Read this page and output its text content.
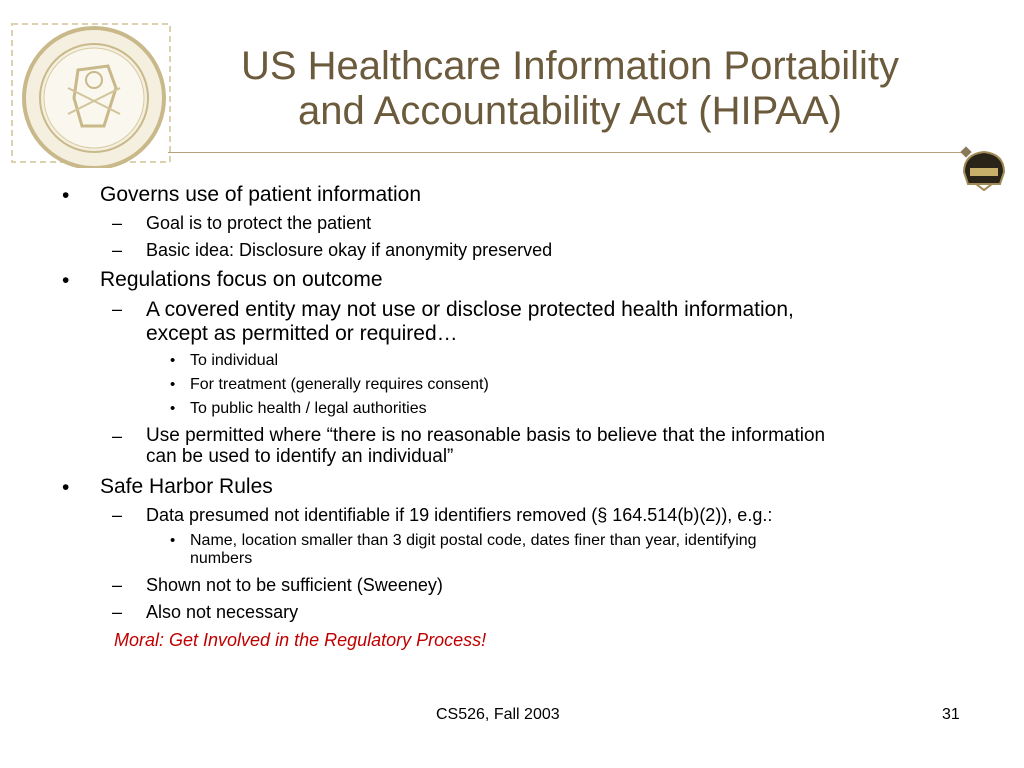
US Healthcare Information Portability
and Accountability Act (HIPAA)
• Governs use of patient information
– Goal is to protect the patient
– Basic idea: Disclosure okay if anonymity preserved
• Regulations focus on outcome
– A covered entity may not use or disclose protected health information,
except as permitted or required…
• To individual
• For treatment (generally requires consent)
• To public health / legal authorities
– Use permitted where “there is no reasonable basis to believe that the information
can be used to identify an individual”
• Safe Harbor Rules
– Data presumed not identifiable if 19 identifiers removed (§ 164.514(b)(2)), e.g.:
• Name, location smaller than 3 digit postal code, dates finer than year, identifying
numbers
– Shown not to be sufficient (Sweeney)
– Also not necessary
Moral: Get Involved in the Regulatory Process!
CS526, Fall 2003	31
